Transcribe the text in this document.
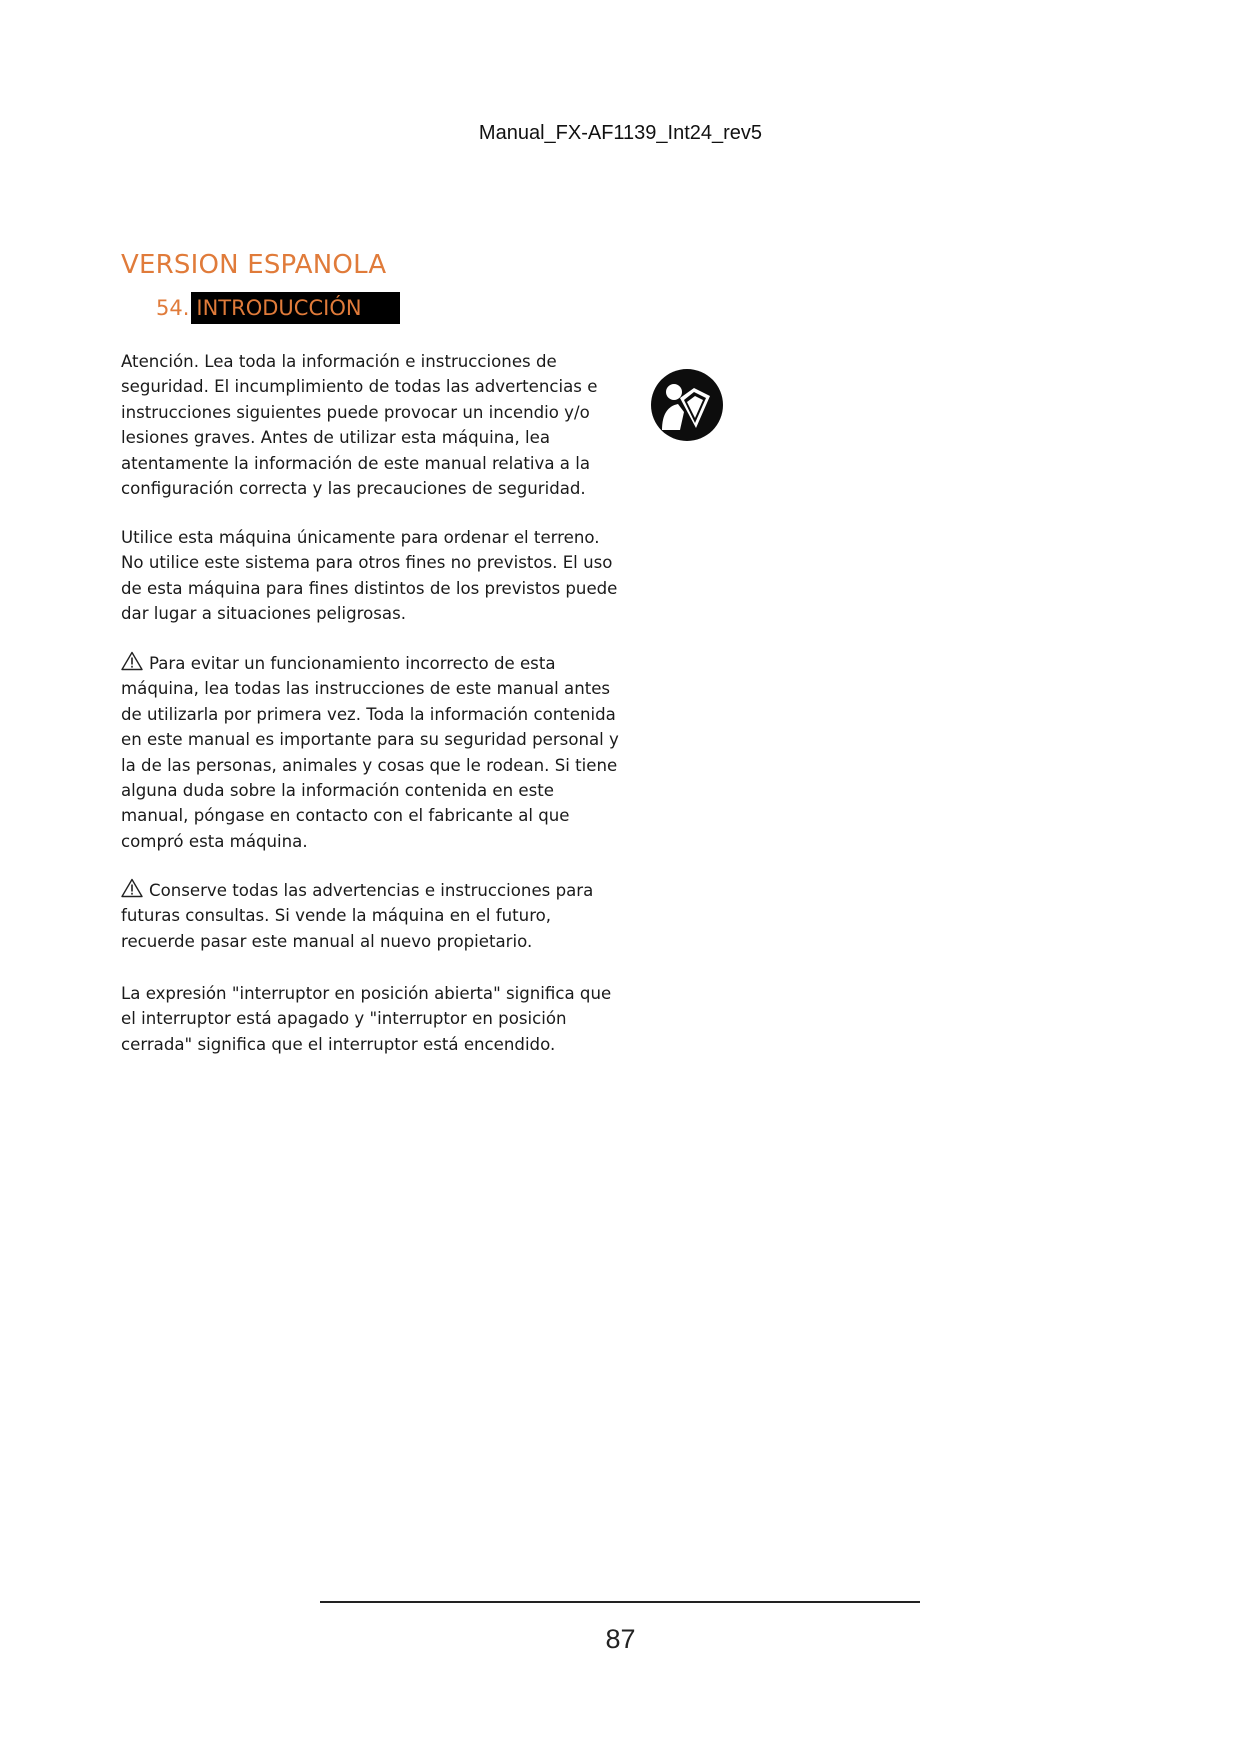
Manual_FX-AF1139_Int24_rev5
VERSION ESPANOLA
54. INTRODUCCIÓN
Atención. Lea toda la información e instrucciones de seguridad. El incumplimiento de todas las advertencias e instrucciones siguientes puede provocar un incendio y/o lesiones graves. Antes de utilizar esta máquina, lea atentamente la información de este manual relativa a la configuración correcta y las precauciones de seguridad.
Utilice esta máquina únicamente para ordenar el terreno. No utilice este sistema para otros fines no previstos. El uso de esta máquina para fines distintos de los previstos puede dar lugar a situaciones peligrosas.
Para evitar un funcionamiento incorrecto de esta máquina, lea todas las instrucciones de este manual antes de utilizarla por primera vez. Toda la información contenida en este manual es importante para su seguridad personal y la de las personas, animales y cosas que le rodean. Si tiene alguna duda sobre la información contenida en este manual, póngase en contacto con el fabricante al que compró esta máquina.
Conserve todas las advertencias e instrucciones para futuras consultas. Si vende la máquina en el futuro, recuerde pasar este manual al nuevo propietario.
La expresión "interruptor en posición abierta" significa que el interruptor está apagado y "interruptor en posición cerrada" significa que el interruptor está encendido.
87
